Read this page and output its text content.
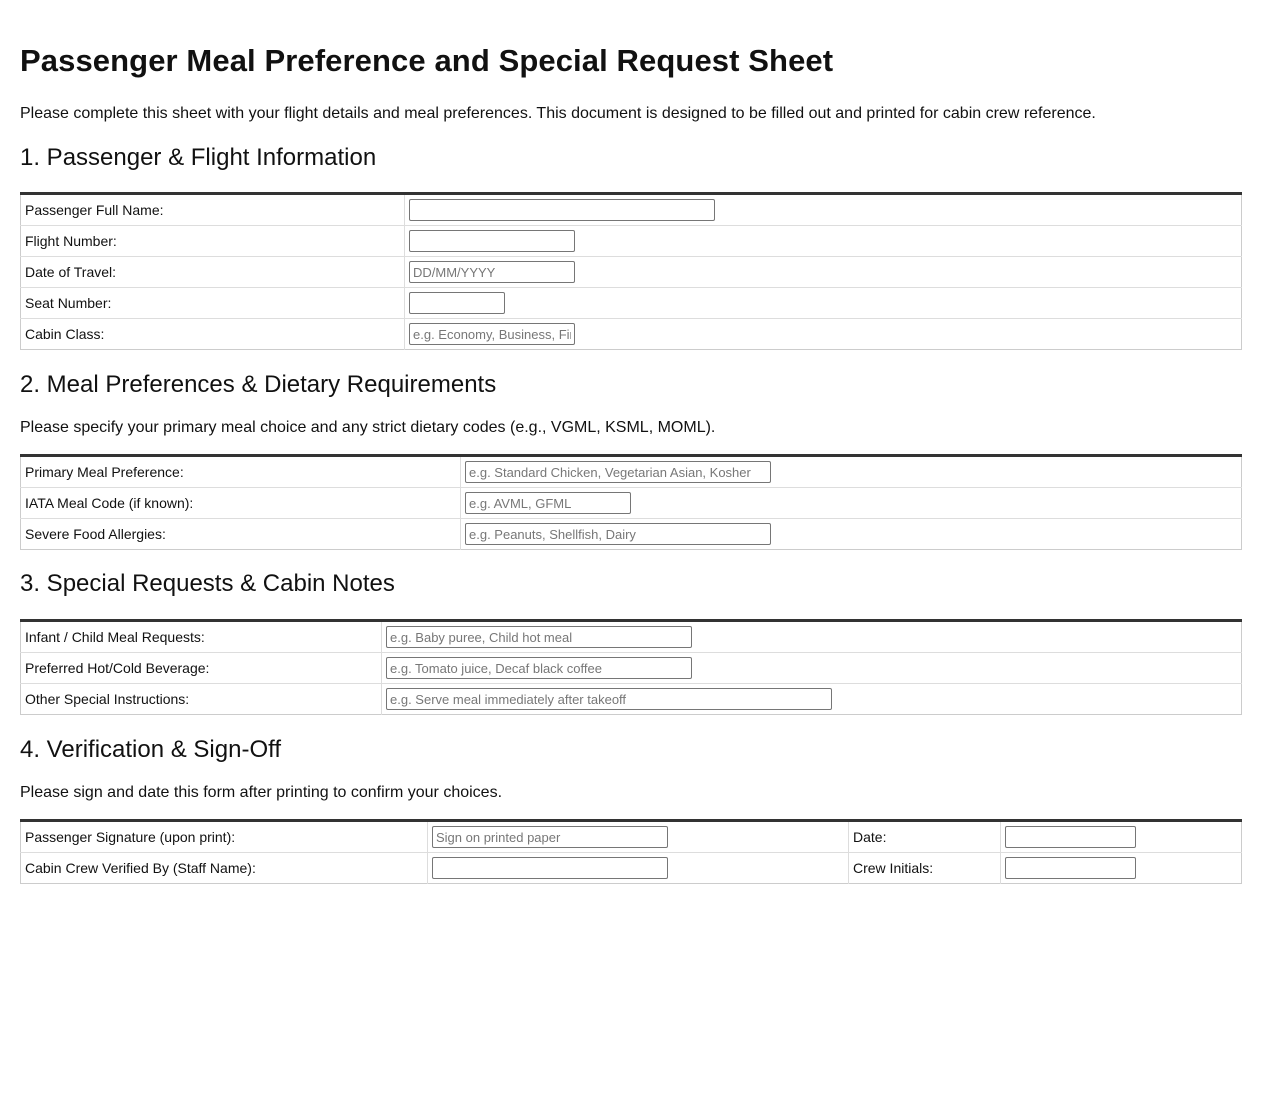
Passenger Meal Preference and Special Request Sheet

Please complete this sheet with your flight details and meal preferences. This document is designed to be filled out and printed for cabin crew reference.

1. Passenger & Flight Information
Passenger Full Name:	
Flight Number:	
Date of Travel:	DD/MM/YYYY
Seat Number:	
Cabin Class:	e.g. Economy, Business, First
2. Meal Preferences & Dietary Requirements

Please specify your primary meal choice and any strict dietary codes (e.g., VGML, KSML, MOML).

Primary Meal Preference:	e.g. Standard Chicken, Vegetarian Asian, Kosher
IATA Meal Code (if known):	e.g. AVML, GFML
Severe Food Allergies:	e.g. Peanuts, Shellfish, Dairy
3. Special Requests & Cabin Notes
Infant / Child Meal Requests:	e.g. Baby puree, Child hot meal
Preferred Hot/Cold Beverage:	e.g. Tomato juice, Decaf black coffee
Other Special Instructions:	e.g. Serve meal immediately after takeoff
4. Verification & Sign-Off

Please sign and date this form after printing to confirm your choices.

Passenger Signature (upon print):	Sign on printed paper	Date:	
Cabin Crew Verified By (Staff Name):		Crew Initials:	
